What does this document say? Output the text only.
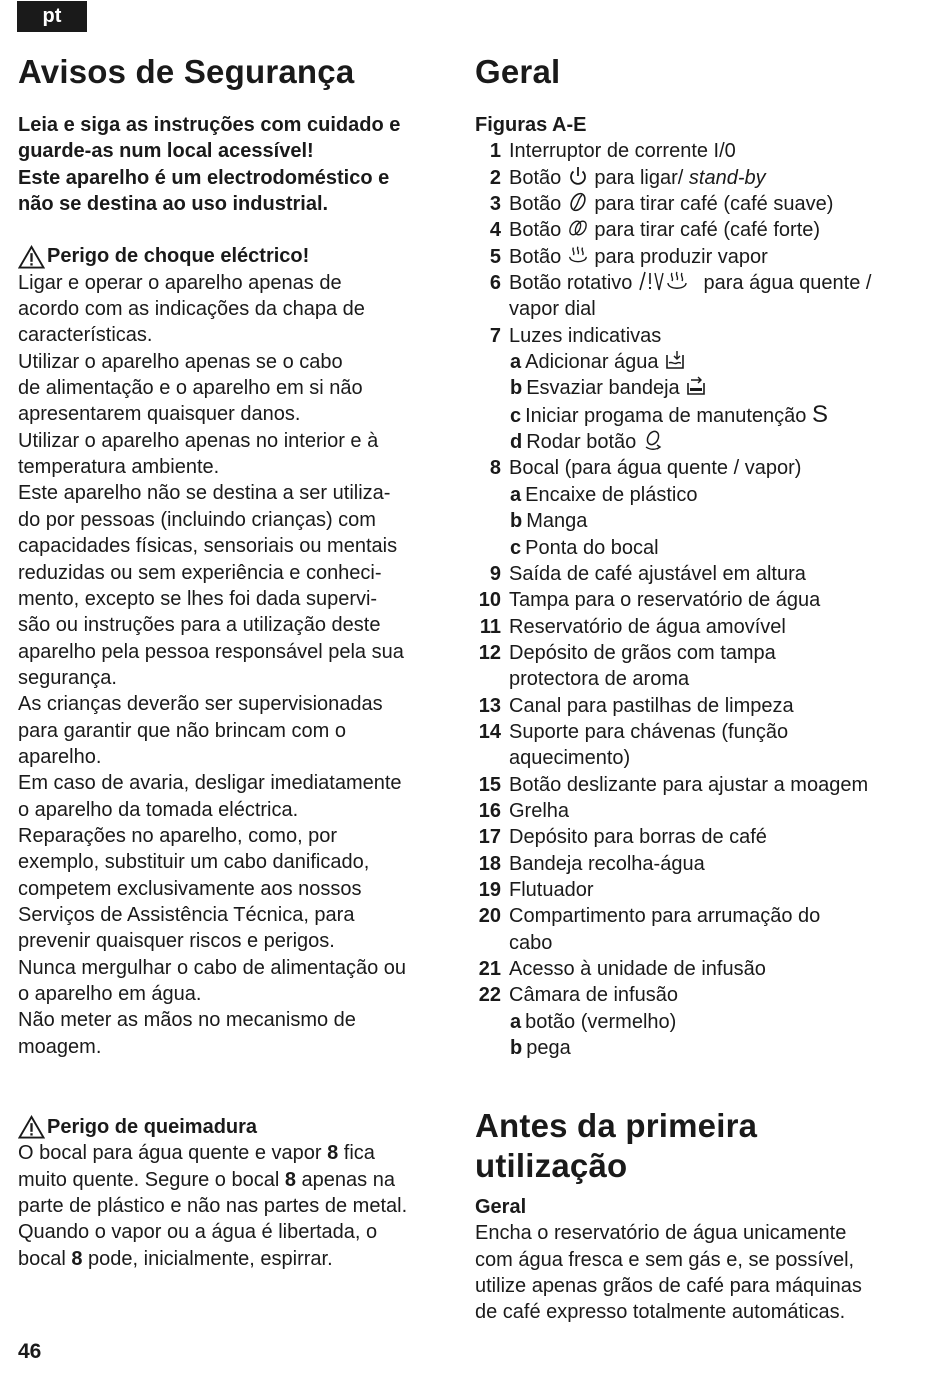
pt
Avisos de Segurança

Leia e siga as instruções com cuidado e

guarde-as num local acessível!

Este aparelho é um electrodoméstico e

não se destina ao uso industrial.

Perigo de choque eléctrico!

Ligar e operar o aparelho apenas de

acordo com as indicações da chapa de

características.

Utilizar o aparelho apenas se o cabo

de alimentação e o aparelho em si não

apresentarem quaisquer danos.

Utilizar o aparelho apenas no interior e à

temperatura ambiente.

Este aparelho não se destina a ser utiliza-

do por pessoas (incluindo crianças) com

capacidades físicas, sensoriais ou mentais

reduzidas ou sem experiência e conheci-

mento, excepto se lhes foi dada supervi-

são ou instruções para a utilização deste

aparelho pela pessoa responsável pela sua

segurança.

As crianças deverão ser supervisionadas

para garantir que não brincam com o

aparelho.

Em caso de avaria, desligar imediatamente

o aparelho da tomada eléctrica.

Reparações no aparelho, como, por

exemplo, substituir um cabo danificado,

competem exclusivamente aos nossos

Serviços de Assistência Técnica, para

prevenir quaisquer riscos e perigos.

Nunca mergulhar o cabo de alimentação ou

o aparelho em água.

Não meter as mãos no mecanismo de

moagem.

Perigo de queimadura

O bocal para água quente e vapor 8 fica

muito quente. Segure o bocal 8 apenas na

parte de plástico e não nas partes de metal.

Quando o vapor ou a água é libertada, o

bocal 8 pode, inicialmente, espirrar.

Geral

Figuras A-E

1 Interruptor de corrente I/0
2 Botão  para ligar/ stand-by
3 Botão  para tirar café (café suave)
4 Botão  para tirar café (café forte)
5 Botão  para produzir vapor
6 Botão rotativo	para água quente /
vapor dial
7 Luzes indicativas
a Adicionar água
b Esvaziar bandeja
c Iniciar progama de manutenção S
d Rodar botão
8 Bocal (para água quente / vapor)
a Encaixe de plástico
b Manga
c Ponta do bocal
9 Saída de café ajustável em altura
10 Tampa para o reservatório de água
11 Reservatório de água amovível
12 Depósito de grãos com tampa
protectora de aroma
13 Canal para pastilhas de limpeza
14 Suporte para chávenas (função
aquecimento)
15 Botão deslizante para ajustar a moagem
16 Grelha
17 Depósito para borras de café
18 Bandeja recolha-água
19 Flutuador
20 Compartimento para arrumação do
cabo
21 Acesso à unidade de infusão
22 Câmara de infusão
a botão (vermelho)
b pega
Antes da primeira
utilização

Geral

Encha o reservatório de água unicamente

com água fresca e sem gás e, se possível,

utilize apenas grãos de café para máquinas

de café expresso totalmente automáticas.

46
